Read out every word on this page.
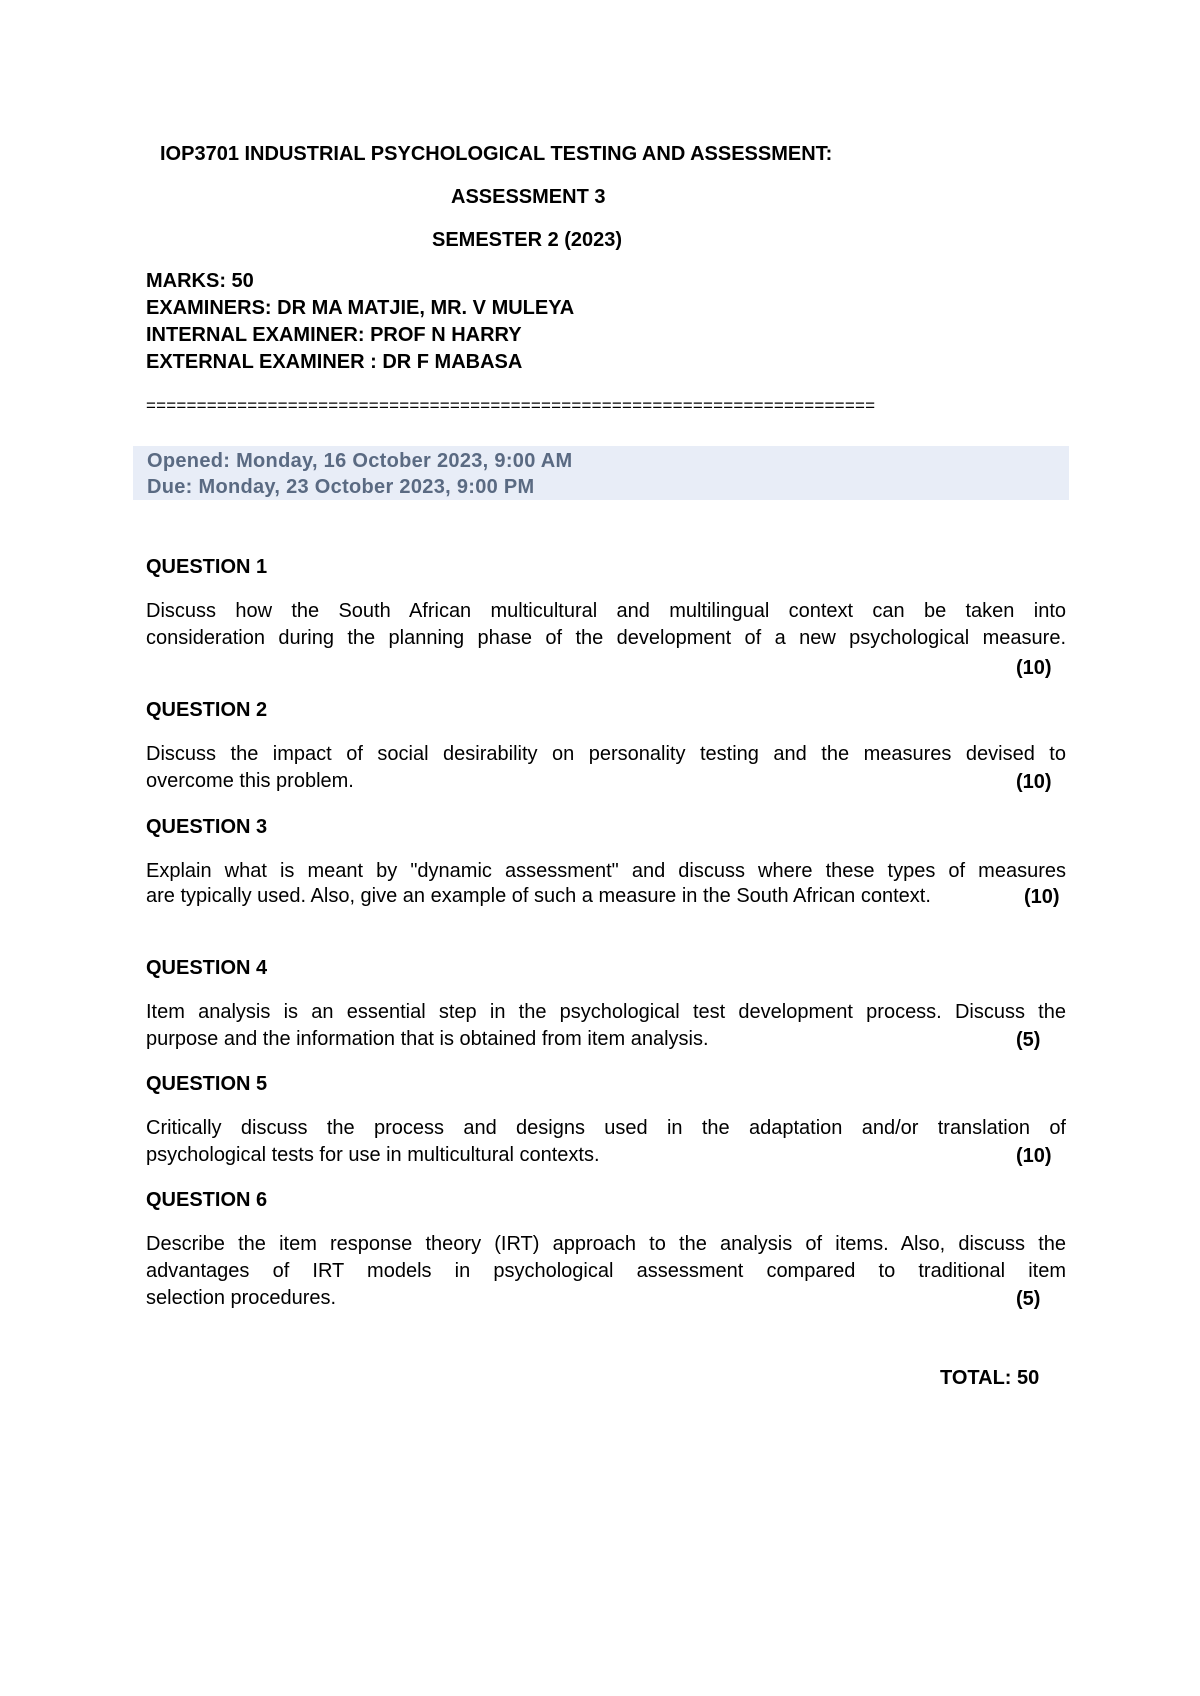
IOP3701 INDUSTRIAL PSYCHOLOGICAL TESTING AND ASSESSMENT:
ASSESSMENT 3
SEMESTER 2 (2023)
MARKS: 50
EXAMINERS: DR MA MATJIE, MR. V MULEYA
INTERNAL EXAMINER: PROF N HARRY
EXTERNAL EXAMINER : DR F MABASA
========================================================================
Opened: Monday, 16 October 2023, 9:00 AM
Due: Monday, 23 October 2023, 9:00 PM
QUESTION 1
Discuss how the South African multicultural and multilingual context can be taken into
consideration during the planning phase of the development of a new psychological measure.
(10)
QUESTION 2
Discuss the impact of social desirability on personality testing and the measures devised to
overcome this problem.	(10)
QUESTION 3
Explain what is meant by "dynamic assessment" and discuss where these types of measures
are typically used. Also, give an example of such a measure in the South African context.	(10)
QUESTION 4
Item analysis is an essential step in the psychological test development process. Discuss the
purpose and the information that is obtained from item analysis.	(5)
QUESTION 5
Critically discuss the process and designs used in the adaptation and/or translation of
psychological tests for use in multicultural contexts.	(10)
QUESTION 6
Describe the item response theory (IRT) approach to the analysis of items. Also, discuss the
advantages of IRT models in psychological assessment compared to traditional item
selection procedures.	(5)
TOTAL: 50
